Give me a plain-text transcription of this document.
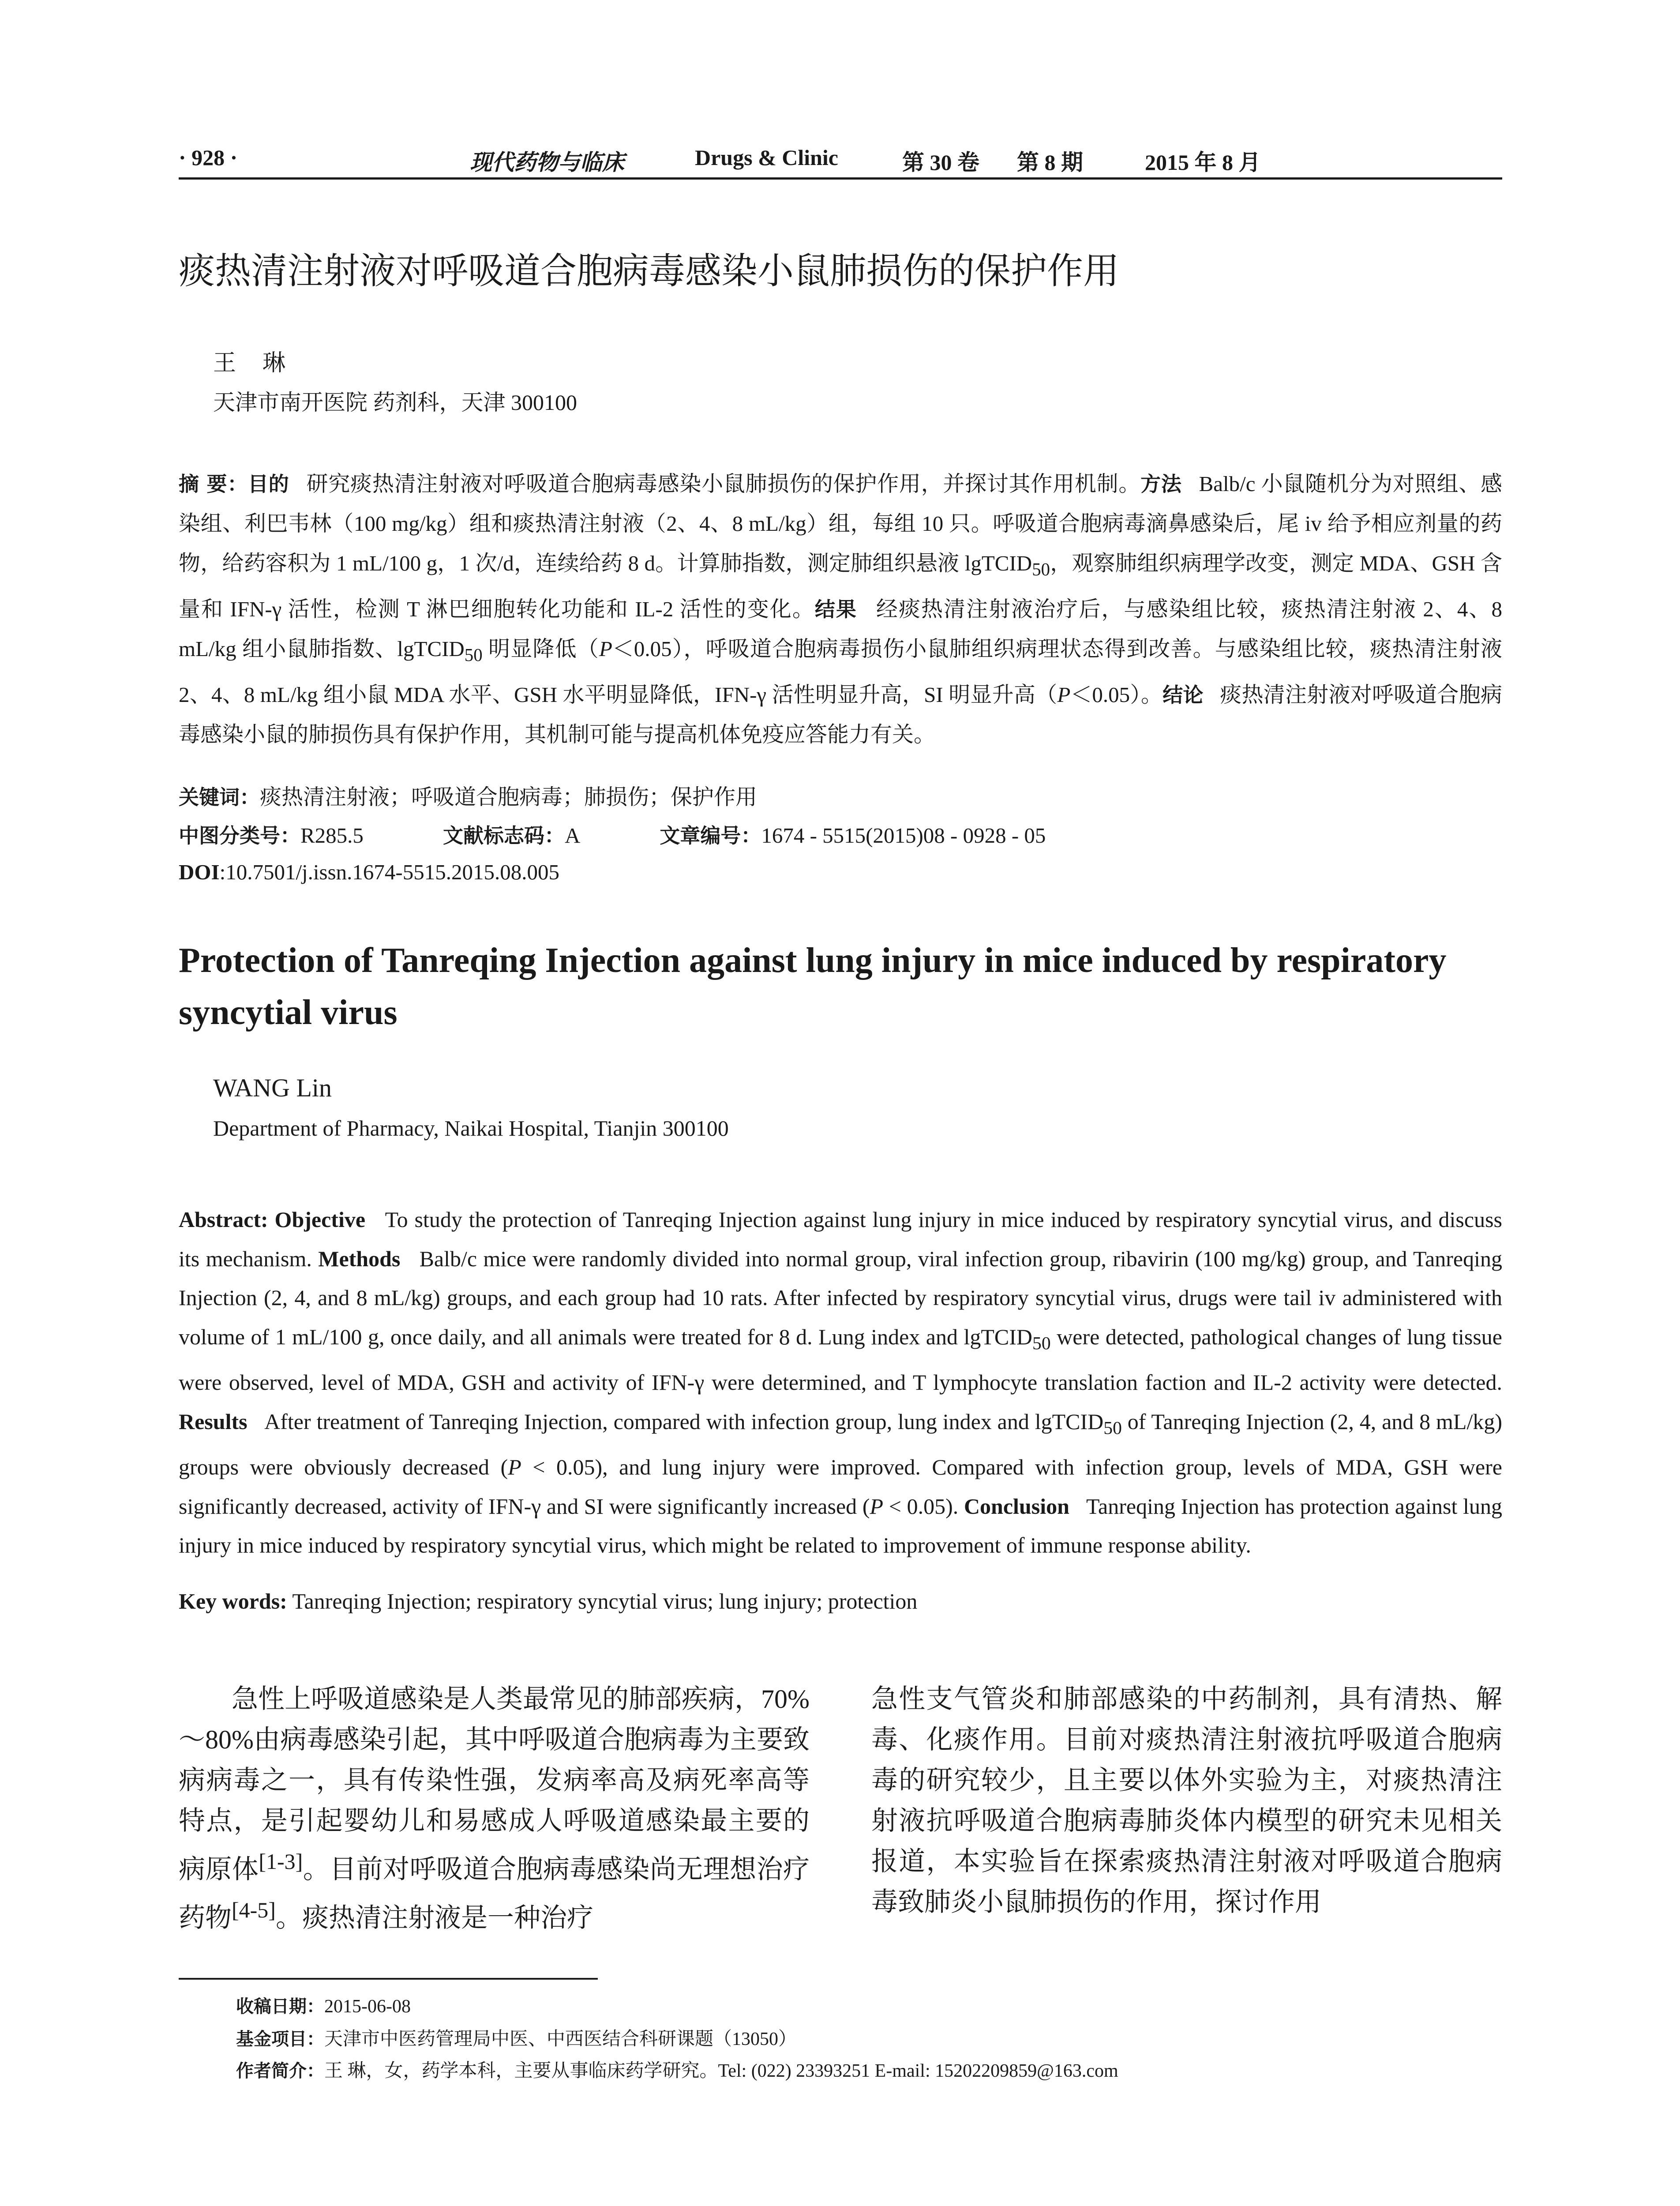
· 928 ·	现代药物与临床	Drugs & Clinic	第 30 卷 第 8 期	2015 年 8 月
痰热清注射液对呼吸道合胞病毒感染小鼠肺损伤的保护作用
王琳
天津市南开医院 药剂科，天津 300100
摘 要：目的 研究痰热清注射液对呼吸道合胞病毒感染小鼠肺损伤的保护作用，并探讨其作用机制。方法 Balb/c 小鼠随机分为对照组、感染组、利巴韦林（100 mg/kg）组和痰热清注射液（2、4、8 mL/kg）组，每组 10 只。呼吸道合胞病毒滴鼻感染后，尾 iv 给予相应剂量的药物，给药容积为 1 mL/100 g，1 次/d，连续给药 8 d。计算肺指数，测定肺组织悬液 lgTCID$_{50}$，观察肺组织病理学改变，测定 MDA、GSH 含量和 IFN-γ 活性，检测 T 淋巴细胞转化功能和 IL-2 活性的变化。结果 经痰热清注射液治疗后，与感染组比较，痰热清注射液 2、4、8 mL/kg 组小鼠肺指数、lgTCID$_{50}$ 明显降低（P＜0.05），呼吸道合胞病毒损伤小鼠肺组织病理状态得到改善。与感染组比较，痰热清注射液 2、4、8 mL/kg 组小鼠 MDA 水平、GSH 水平明显降低，IFN-γ 活性明显升高，SI 明显升高（P＜0.05）。结论 痰热清注射液对呼吸道合胞病毒感染小鼠的肺损伤具有保护作用，其机制可能与提高机体免疫应答能力有关。
关键词：痰热清注射液；呼吸道合胞病毒；肺损伤；保护作用
中图分类号：R285.5	文献标志码：A	文章编号：1674 - 5515(2015)08 - 0928 - 05
DOI:10.7501/j.issn.1674-5515.2015.08.005
Protection of Tanreqing Injection against lung injury in mice induced by respiratory syncytial virus
WANG Lin
Department of Pharmacy, Naikai Hospital, Tianjin 300100
Abstract: Objective To study the protection of Tanreqing Injection against lung injury in mice induced by respiratory syncytial virus, and discuss its mechanism. Methods Balb/c mice were randomly divided into normal group, viral infection group, ribavirin (100 mg/kg) group, and Tanreqing Injection (2, 4, and 8 mL/kg) groups, and each group had 10 rats. After infected by respiratory syncytial virus, drugs were tail iv administered with volume of 1 mL/100 g, once daily, and all animals were treated for 8 d. Lung index and lgTCID$_{50}$ were detected, pathological changes of lung tissue were observed, level of MDA, GSH and activity of IFN-γ were determined, and T lymphocyte translation faction and IL-2 activity were detected. Results After treatment of Tanreqing Injection, compared with infection group, lung index and lgTCID$_{50}$ of Tanreqing Injection (2, 4, and 8 mL/kg) groups were obviously decreased (P < 0.05), and lung injury were improved. Compared with infection group, levels of MDA, GSH were significantly decreased, activity of IFN-γ and SI were significantly increased (P < 0.05). Conclusion Tanreqing Injection has protection against lung injury in mice induced by respiratory syncytial virus, which might be related to improvement of immune response ability.
Key words: Tanreqing Injection; respiratory syncytial virus; lung injury; protection
急性上呼吸道感染是人类最常见的肺部疾病，70%～80%由病毒感染引起，其中呼吸道合胞病毒为主要致病病毒之一，具有传染性强，发病率高及病死率高等特点，是引起婴幼儿和易感成人呼吸道感染最主要的病原体[1-3]。目前对呼吸道合胞病毒感染尚无理想治疗药物[4-5]。痰热清注射液是一种治疗
急性支气管炎和肺部感染的中药制剂，具有清热、解毒、化痰作用。目前对痰热清注射液抗呼吸道合胞病毒的研究较少，且主要以体外实验为主，对痰热清注射液抗呼吸道合胞病毒肺炎体内模型的研究未见相关报道，本实验旨在探索痰热清注射液对呼吸道合胞病毒致肺炎小鼠肺损伤的作用，探讨作用
收稿日期：2015-06-08
基金项目：天津市中医药管理局中医、中西医结合科研课题（13050）
作者简介：王 琳，女，药学本科，主要从事临床药学研究。Tel: (022) 23393251 E-mail: 15202209859@163.com
